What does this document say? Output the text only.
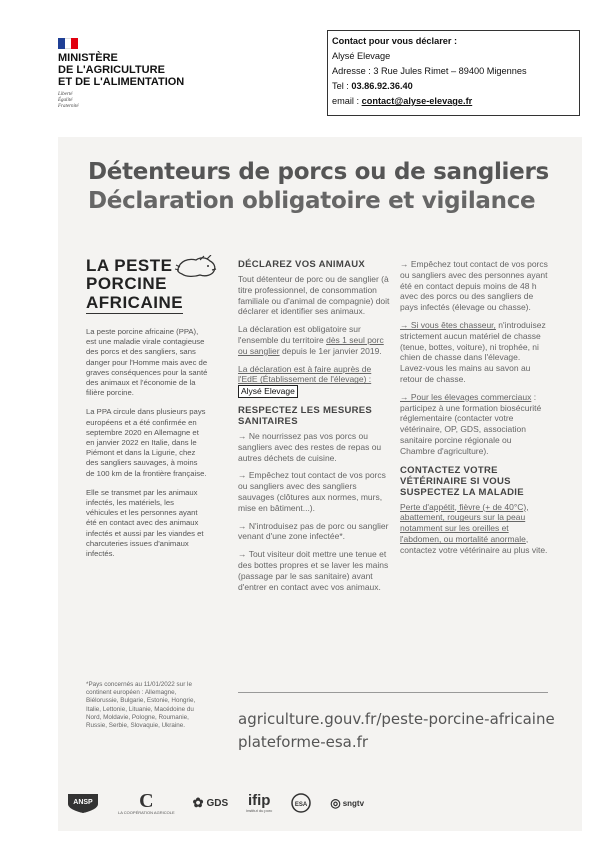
MINISTÈRE
DE L'AGRICULTURE
ET DE L'ALIMENTATION
Liberté
Égalité
Fraternité
Contact pour vous déclarer :
Alysé Elevage
Adresse : 3 Rue Jules Rimet – 89400 Migennes
Tel : 03.86.92.36.40
email : contact@alyse-elevage.fr
Détenteurs de porcs ou de sangliers
Déclaration obligatoire et vigilance
LA PESTE
PORCINE
AFRICAINE

La peste porcine africaine (PPA), est une maladie virale contagieuse des porcs et des sangliers, sans danger pour l'Homme mais avec de graves conséquences pour la santé des animaux et l'économie de la filière porcine.

La PPA circule dans plusieurs pays européens et a été confirmée en septembre 2020 en Allemagne et en janvier 2022 en Italie, dans le Piémont et dans la Ligurie, chez des sangliers sauvages, à moins de 100 km de la frontière française.

Elle se transmet par les animaux infectés, les matériels, les véhicules et les personnes ayant été en contact avec des animaux infectés et aussi par les viandes et charcuteries issues d'animaux infectés.

*Pays concernés au 11/01/2022 sur le continent européen : Allemagne, Biélorussie, Bulgarie, Estonie, Hongrie, Italie, Lettonie, Lituanie, Macédoine du Nord, Moldavie, Pologne, Roumanie, Russie, Serbie, Slovaquie, Ukraine.
DÉCLAREZ VOS ANIMAUX

Tout détenteur de porc ou de sanglier (à titre professionnel, de consommation familiale ou d'animal de compagnie) doit déclarer et identifier ses animaux.

La déclaration est obligatoire sur l'ensemble du territoire dès 1 seul porc ou sanglier depuis le 1er janvier 2019.

La déclaration est à faire auprès de l'EdE (Établissement de l'élevage) : Alysé Elevage

RESPECTEZ LES MESURES SANITAIRES

→ Ne nourrissez pas vos porcs ou sangliers avec des restes de repas ou autres déchets de cuisine.

→ Empêchez tout contact de vos porcs ou sangliers avec des sangliers sauvages (clôtures aux normes, murs, mise en bâtiment...).

→ N'introduisez pas de porc ou sanglier venant d'une zone infectée*.

→ Tout visiteur doit mettre une tenue et des bottes propres et se laver les mains (passage par le sas sanitaire) avant d'entrer en contact avec vos animaux.

→ Empêchez tout contact de vos porcs ou sangliers avec des personnes ayant été en contact depuis moins de 48 h avec des porcs ou des sangliers de pays infectés (élevage ou chasse).

→ Si vous êtes chasseur, n'introduisez strictement aucun matériel de chasse (tenue, bottes, voiture), ni trophée, ni chien de chasse dans l'élevage. Lavez-vous les mains au savon au retour de chasse.

→ Pour les élevages commerciaux : participez à une formation biosécurité réglementaire (contacter votre vétérinaire, OP, GDS, association sanitaire porcine régionale ou Chambre d'agriculture).

CONTACTEZ VOTRE VÉTÉRINAIRE SI VOUS SUSPECTEZ LA MALADIE

Perte d'appétit, fièvre (+ de 40°C), abattement, rougeurs sur la peau notamment sur les oreilles et l'abdomen, ou mortalité anormale, contactez votre vétérinaire au plus vite.

agriculture.gouv.fr/peste-porcine-africaine
plateforme-esa.fr
ANSP C
LA COOPÉRATION AGRICOLE
✿ GDS ifip
institut du porc
ESA ◎ sngtv
